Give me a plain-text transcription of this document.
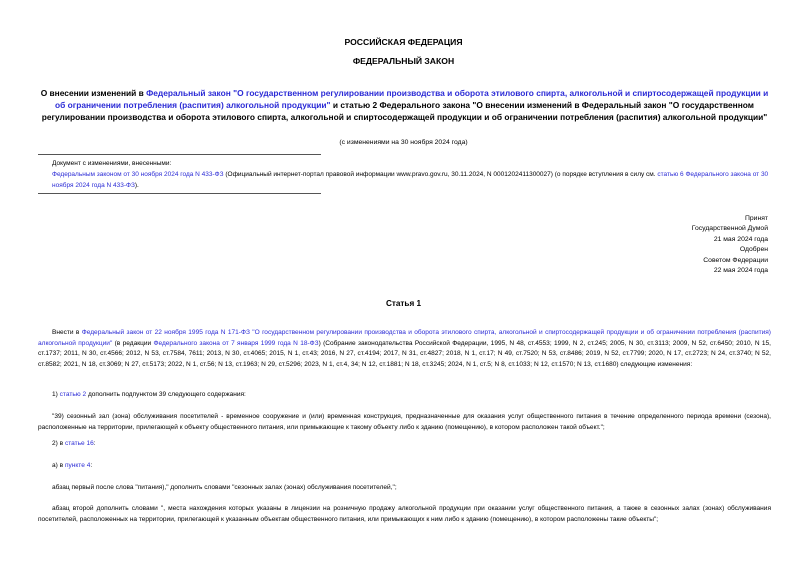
РОССИЙСКАЯ ФЕДЕРАЦИЯ
ФЕДЕРАЛЬНЫЙ ЗАКОН
О внесении изменений в Федеральный закон "О государственном регулировании производства и оборота этилового спирта, алкогольной и спиртосодержащей продукции и об ограничении потребления (распития) алкогольной продукции" и статью 2 Федерального закона "О внесении изменений в Федеральный закон "О государственном регулировании производства и оборота этилового спирта, алкогольной и спиртосодержащей продукции и об ограничении потребления (распития) алкогольной продукции"
(с изменениями на 30 ноября 2024 года)
Документ с изменениями, внесенными:
Федеральным законом от 30 ноября 2024 года N 433-ФЗ (Официальный интернет-портал правовой информации www.pravo.gov.ru, 30.11.2024, N 0001202411300027) (о порядке вступления в силу см. статью 6 Федерального закона от 30 ноября 2024 года N 433-ФЗ).
Принят
Государственной Думой
21 мая 2024 года
Одобрен
Советом Федерации
22 мая 2024 года
Статья 1
Внести в Федеральный закон от 22 ноября 1995 года N 171-ФЗ "О государственном регулировании производства и оборота этилового спирта, алкогольной и спиртосодержащей продукции и об ограничении потребления (распития) алкогольной продукции" (в редакции Федерального закона от 7 января 1999 года N 18-ФЗ) (Собрание законодательства Российской Федерации, 1995, N 48, ст.4553; 1999, N 2, ст.245; 2005, N 30, ст.3113; 2009, N 52, ст.6450; 2010, N 15, ст.1737; 2011, N 30, ст.4566; 2012, N 53, ст.7584, 7611; 2013, N 30, ст.4065; 2015, N 1, ст.43; 2016, N 27, ст.4194; 2017, N 31, ст.4827; 2018, N 1, ст.17; N 49, ст.7520; N 53, ст.8486; 2019, N 52, ст.7799; 2020, N 17, ст.2723; N 24, ст.3740; N 52, ст.8582; 2021, N 18, ст.3069; N 27, ст.5173; 2022, N 1, ст.56; N 13, ст.1963; N 29, ст.5296; 2023, N 1, ст.4, 34; N 12, ст.1881; N 18, ст.3245; 2024, N 1, ст.5; N 8, ст.1033; N 12, ст.1570; N 13, ст.1680) следующие изменения:
1) статью 2 дополнить подпунктом 39 следующего содержания:
"39) сезонный зал (зона) обслуживания посетителей - временное сооружение и (или) временная конструкция, предназначенные для оказания услуг общественного питания в течение определенного периода времени (сезона), расположенные на территории, прилегающей к объекту общественного питания, или примыкающие к такому объекту либо к зданию (помещению), в котором расположен такой объект.";
2) в статье 16:
а) в пункте 4:
абзац первый после слова "питания)," дополнить словами "сезонных залах (зонах) обслуживания посетителей,";
абзац второй дополнить словами ", места нахождения которых указаны в лицензии на розничную продажу алкогольной продукции при оказании услуг общественного питания, а также в сезонных залах (зонах) обслуживания посетителей, расположенных на территории, прилегающей к указанным объектам общественного питания, или примыкающих к ним либо к зданию (помещению), в котором расположены такие объекты";
